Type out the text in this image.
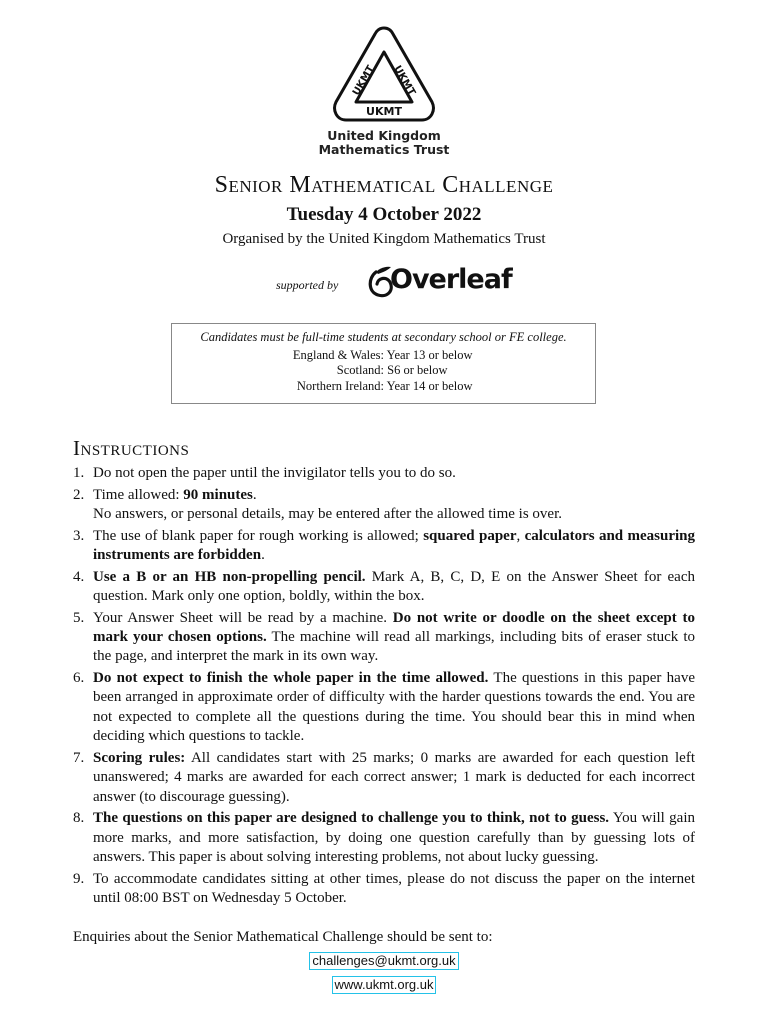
UKMT UKMT
UKMT
United Kingdom
Mathematics Trust
Senior Mathematical Challenge
Tuesday 4 October 2022
Organised by the United Kingdom Mathematics Trust
supported by Overleaf
Candidates must be full-time students at secondary school or FE college.
England & Wales: Year 13 or below
Scotland: S6 or below
Northern Ireland: Year 14 or below
Instructions
1. Do not open the paper until the invigilator tells you to do so.
2. Time allowed: 90 minutes.
No answers, or personal details, may be entered after the allowed time is over.
3. The use of blank paper for rough working is allowed; squared paper, calculators and measuring instruments are forbidden.
4. Use a B or an HB non-propelling pencil. Mark A, B, C, D, E on the Answer Sheet for each question. Mark only one option, boldly, within the box.
5. Your Answer Sheet will be read by a machine. Do not write or doodle on the sheet except to mark your chosen options. The machine will read all markings, including bits of eraser stuck to the page, and interpret the mark in its own way.
6. Do not expect to finish the whole paper in the time allowed. The questions in this paper have been arranged in approximate order of difficulty with the harder questions towards the end. You are not expected to complete all the questions during the time. You should bear this in mind when deciding which questions to tackle.
7. Scoring rules: All candidates start with 25 marks; 0 marks are awarded for each question left unanswered; 4 marks are awarded for each correct answer; 1 mark is deducted for each incorrect answer (to discourage guessing).
8. The questions on this paper are designed to challenge you to think, not to guess. You will gain more marks, and more satisfaction, by doing one question carefully than by guessing lots of answers. This paper is about solving interesting problems, not about lucky guessing.
9. To accommodate candidates sitting at other times, please do not discuss the paper on the internet until 08:00 BST on Wednesday 5 October.
Enquiries about the Senior Mathematical Challenge should be sent to:
challenges@ukmt.org.uk
www.ukmt.org.uk
